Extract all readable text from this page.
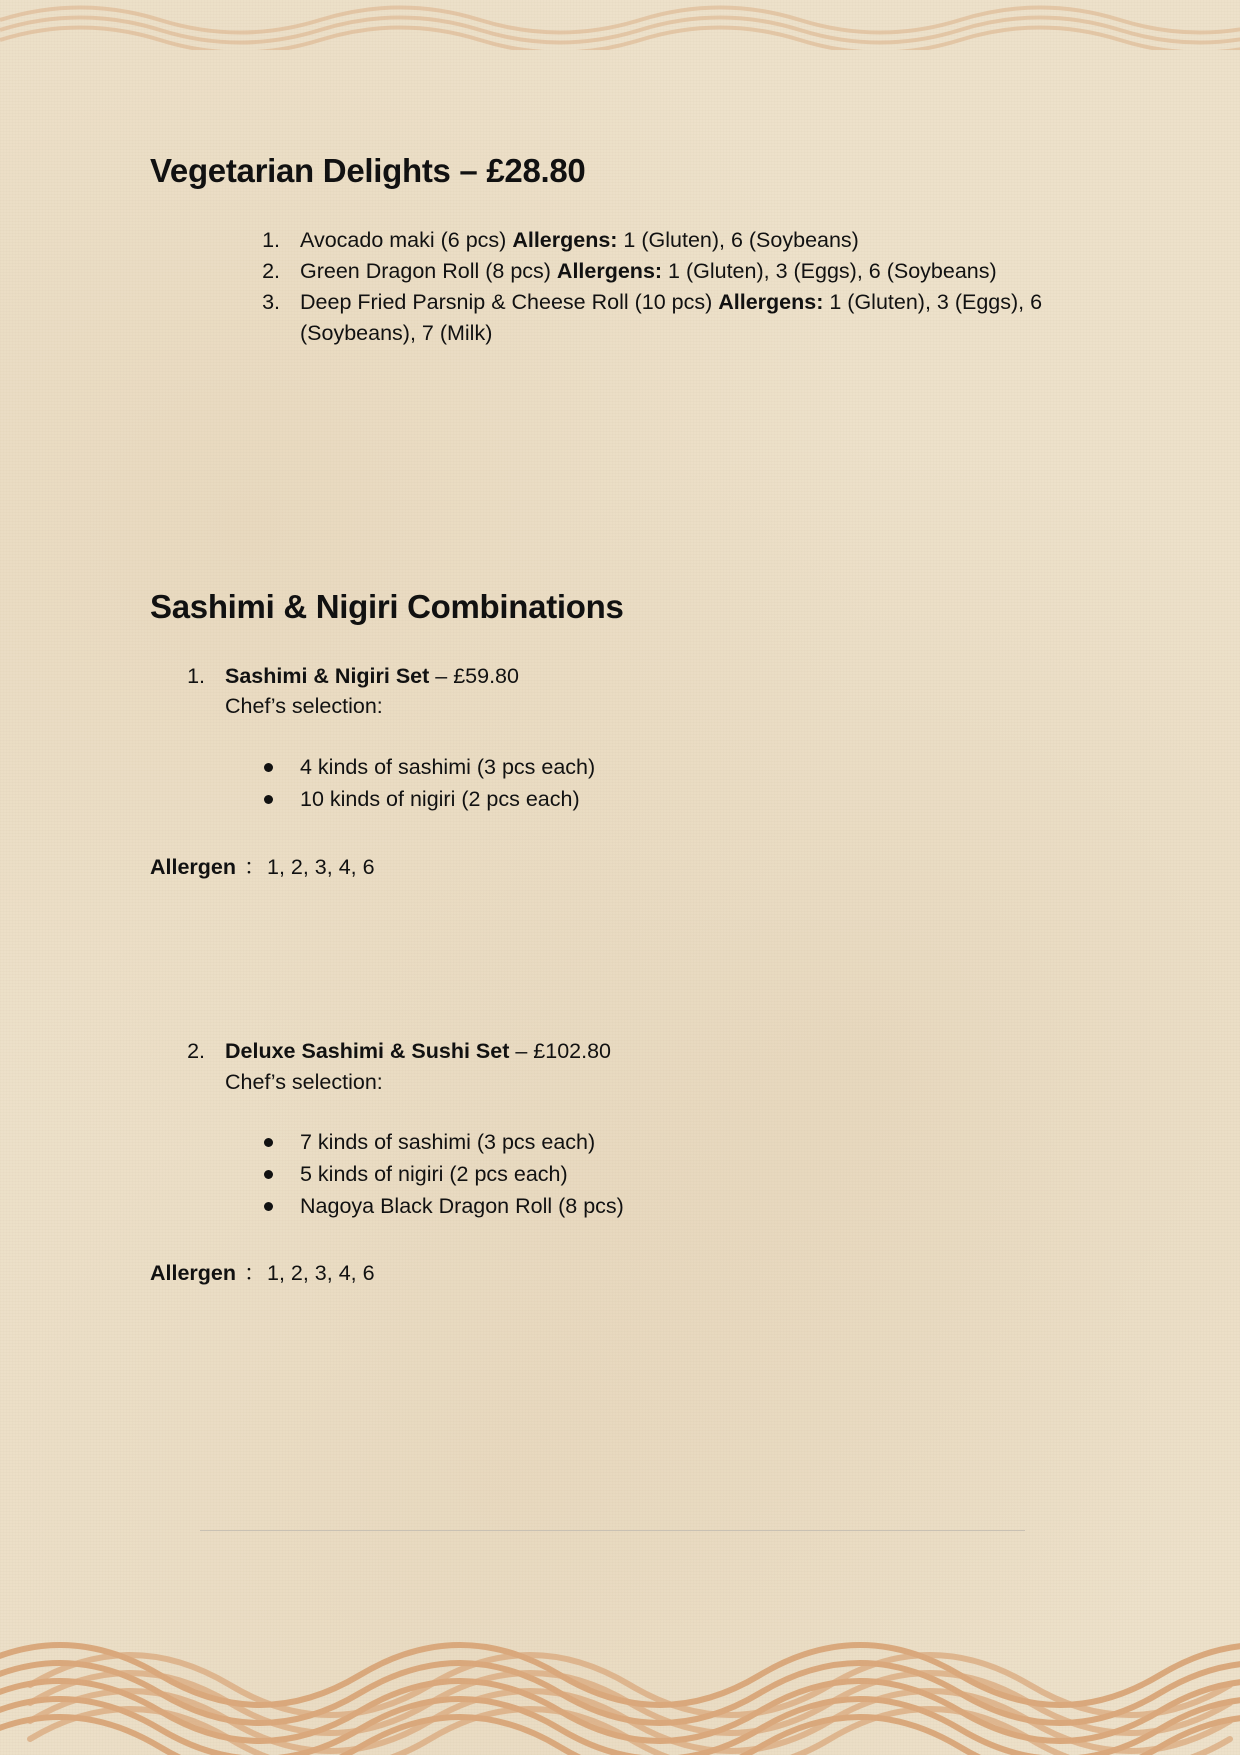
Vegetarian Delights – £28.80
1. Avocado maki (6 pcs) Allergens: 1 (Gluten), 6 (Soybeans)
2. Green Dragon Roll (8 pcs) Allergens: 1 (Gluten), 3 (Eggs), 6 (Soybeans)
3. Deep Fried Parsnip & Cheese Roll (10 pcs) Allergens: 1 (Gluten), 3 (Eggs), 6
(Soybeans), 7 (Milk)
Sashimi & Nigiri Combinations
1. Sashimi & Nigiri Set – £59.80
Chef’s selection:
4 kinds of sashimi (3 pcs each)
10 kinds of nigiri (2 pcs each)
Allergen ： 1, 2, 3, 4, 6
2. Deluxe Sashimi & Sushi Set – £102.80
Chef’s selection:
7 kinds of sashimi (3 pcs each)
5 kinds of nigiri (2 pcs each)
Nagoya Black Dragon Roll (8 pcs)
Allergen ： 1, 2, 3, 4, 6
